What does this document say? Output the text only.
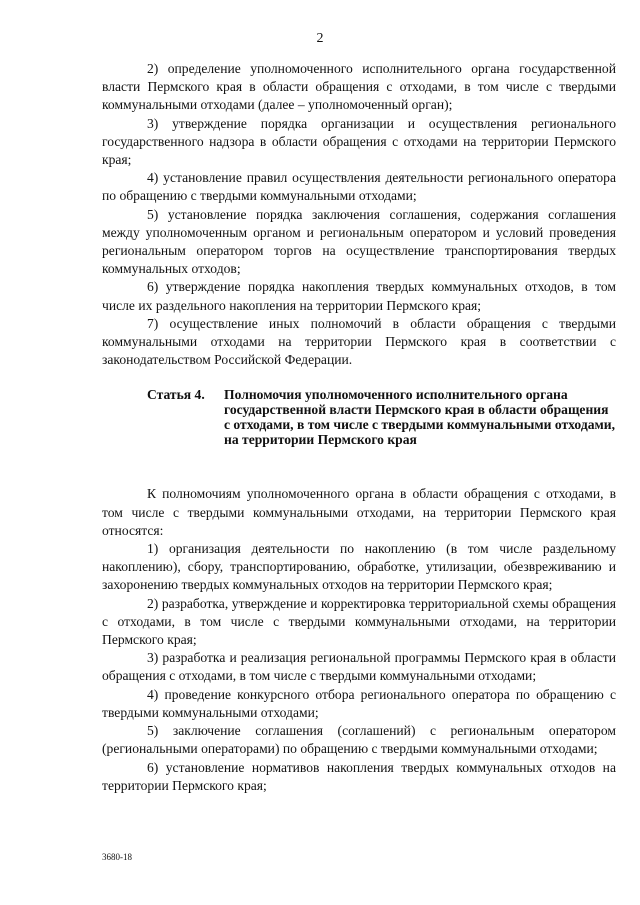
2

2) определение уполномоченного исполнительного органа государственной власти Пермского края в области обращения с отходами, в том числе с твердыми коммунальными отходами (далее – уполномоченный орган);

3) утверждение порядка организации и осуществления регионального государственного надзора в области обращения с отходами на территории Пермского края;

4) установление правил осуществления деятельности регионального оператора по обращению с твердыми коммунальными отходами;

5) установление порядка заключения соглашения, содержания соглашения между уполномоченным органом и региональным оператором и условий проведения региональным оператором торгов на осуществление транспортирования твердых коммунальных отходов;

6) утверждение порядка накопления твердых коммунальных отходов, в том числе их раздельного накопления на территории Пермского края;

7) осуществление иных полномочий в области обращения с твердыми коммунальными отходами на территории Пермского края в соответствии с законодательством Российской Федерации.

Статья 4. Полномочия уполномоченного исполнительного органа государственной власти Пермского края в области обращения с отходами, в том числе с твердыми коммунальными отходами, на территории Пермского края

К полномочиям уполномоченного органа в области обращения с отходами, в том числе с твердыми коммунальными отходами, на территории Пермского края относятся:

1) организация деятельности по накоплению (в том числе раздельному накоплению), сбору, транспортированию, обработке, утилизации, обезвреживанию и захоронению твердых коммунальных отходов на территории Пермского края;

2) разработка, утверждение и корректировка территориальной схемы обращения с отходами, в том числе с твердыми коммунальными отходами, на территории Пермского края;

3) разработка и реализация региональной программы Пермского края в области обращения с отходами, в том числе с твердыми коммунальными отходами;

4) проведение конкурсного отбора регионального оператора по обращению с твердыми коммунальными отходами;

5) заключение соглашения (соглашений) с региональным оператором (региональными операторами) по обращению с твердыми коммунальными отходами;

6) установление нормативов накопления твердых коммунальных отходов на территории Пермского края;

3680-18
